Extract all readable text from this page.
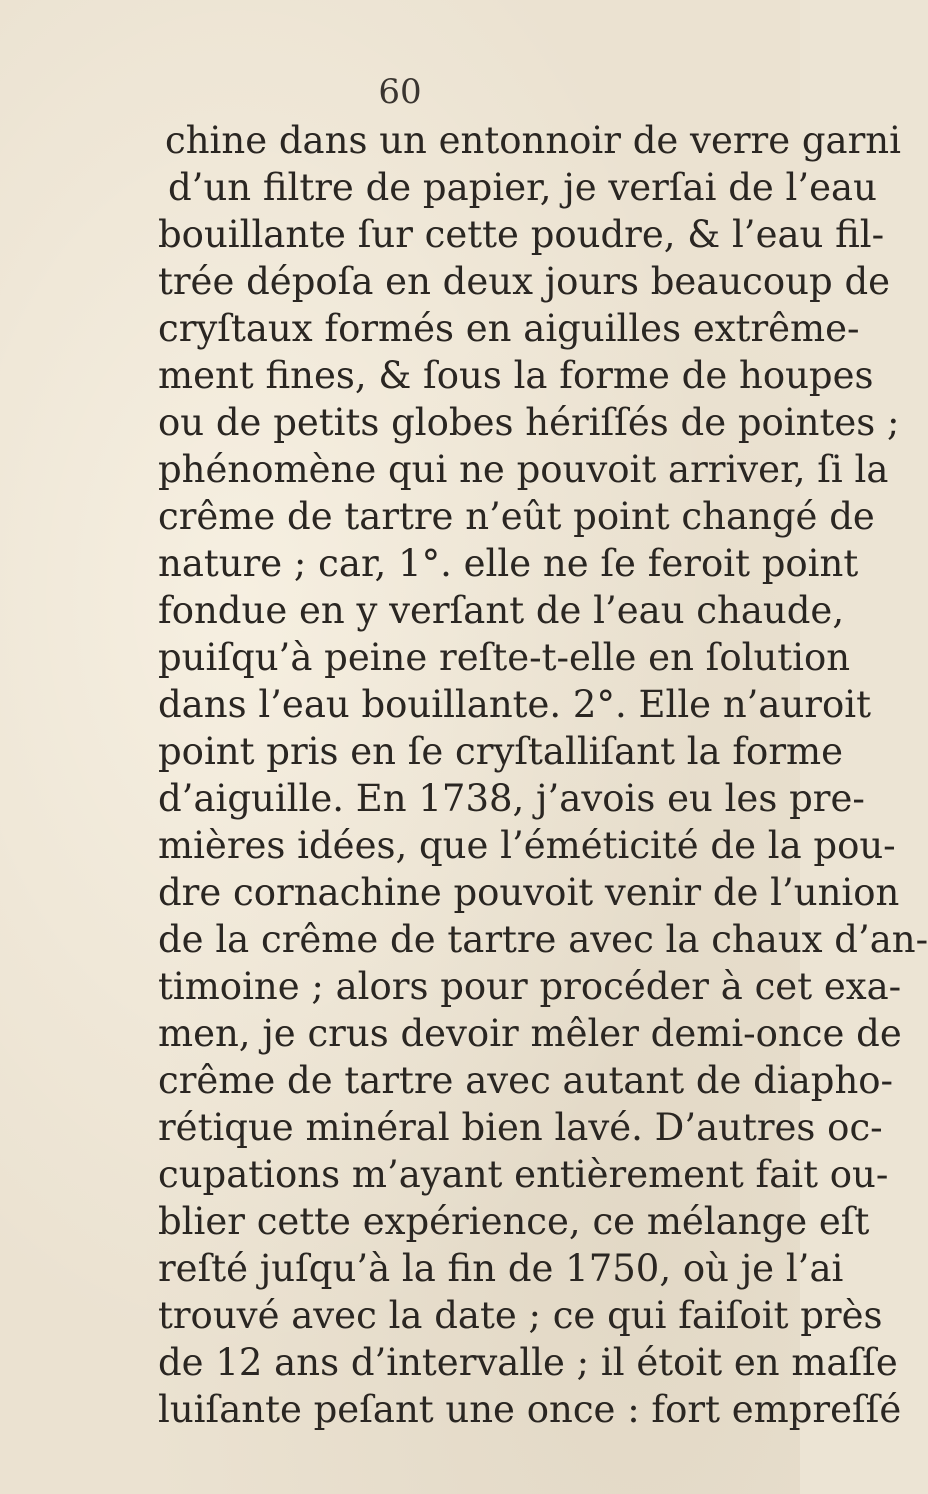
60
chine dans un entonnoir de verre garni
d’un filtre de papier, je verſai de l’eau
bouillante ſur cette poudre, & l’eau fil-
trée dépoſa en deux jours beaucoup de
cryſtaux formés en aiguilles extrême-
ment fines, & ſous la forme de houpes
ou de petits globes hériſſés de pointes ;
phénomène qui ne pouvoit arriver, ſi la
crême de tartre n’eût point changé de
nature ; car, 1°. elle ne ſe feroit point
fondue en y verſant de l’eau chaude,
puiſqu’à peine reſte-t-elle en ſolution
dans l’eau bouillante. 2°. Elle n’auroit
point pris en ſe cryſtalliſant la forme
d’aiguille. En 1738, j’avois eu les pre-
mières idées, que l’éméticité de la pou-
dre cornachine pouvoit venir de l’union
de la crême de tartre avec la chaux d’an-
timoine ; alors pour procéder à cet exa-
men, je crus devoir mêler demi-once de
crême de tartre avec autant de diapho-
rétique minéral bien lavé. D’autres oc-
cupations m’ayant entièrement fait ou-
blier cette expérience, ce mélange eſt
reſté juſqu’à la fin de 1750, où je l’ai
trouvé avec la date ; ce qui faiſoit près
de 12 ans d’intervalle ; il étoit en maſſe
luiſante peſant une once : fort empreſſé
